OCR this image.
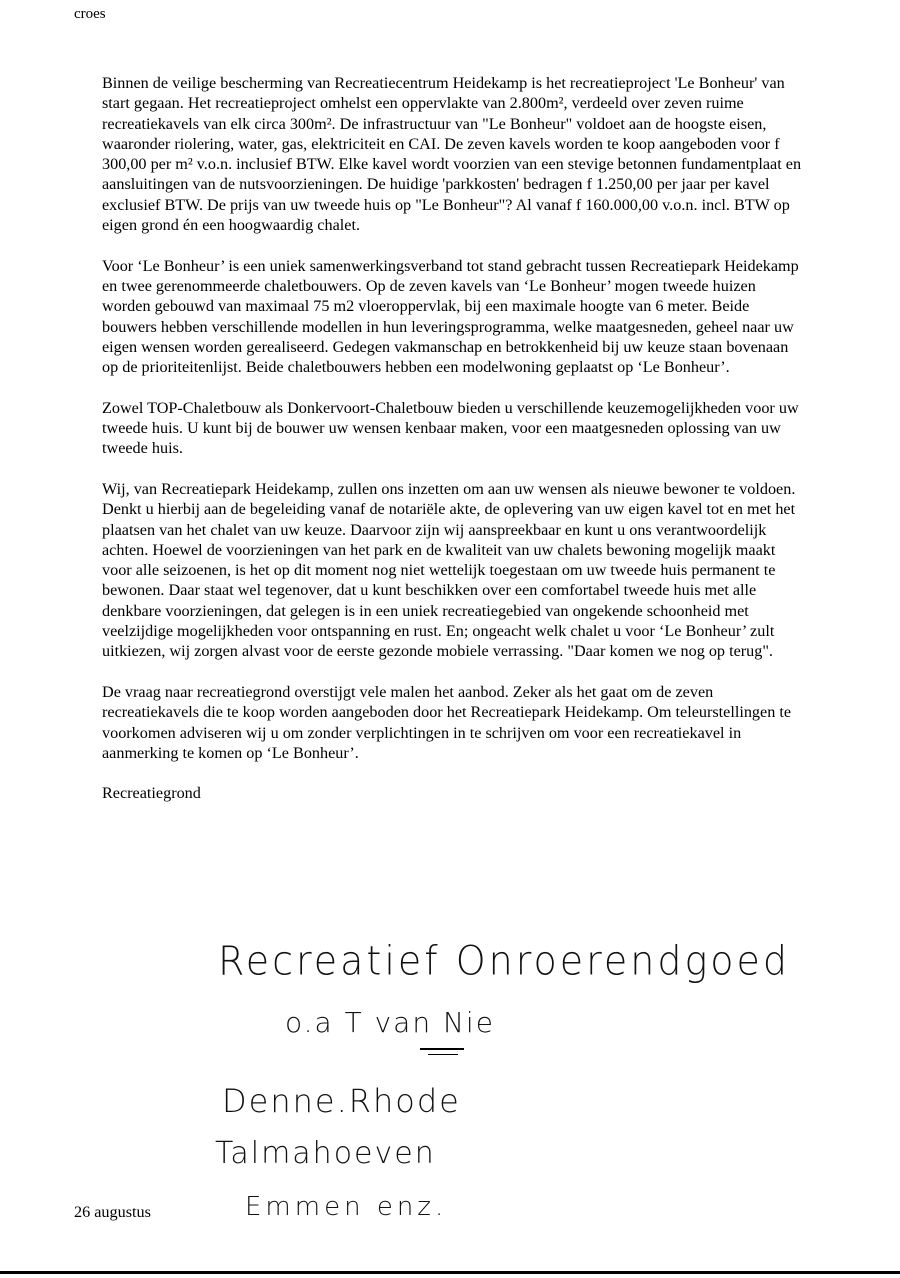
croes

Binnen de veilige bescherming van Recreatiecentrum Heidekamp is het recreatieproject 'Le Bonheur' van start gegaan. Het recreatieproject omhelst een oppervlakte van 2.800m², verdeeld over zeven ruime recreatiekavels van elk circa 300m². De infrastructuur van "Le Bonheur" voldoet aan de hoogste eisen, waaronder riolering, water, gas, elektriciteit en CAI. De zeven kavels worden te koop aangeboden voor f 300,00 per m² v.o.n. inclusief BTW. Elke kavel wordt voorzien van een stevige betonnen fundamentplaat en aansluitingen van de nutsvoorzieningen. De huidige 'parkkosten' bedragen f 1.250,00 per jaar per kavel exclusief BTW. De prijs van uw tweede huis op "Le Bonheur"? Al vanaf f 160.000,00 v.o.n. incl. BTW op eigen grond én een hoogwaardig chalet.

Voor ‘Le Bonheur’ is een uniek samenwerkingsverband tot stand gebracht tussen Recreatiepark Heidekamp en twee gerenommeerde chaletbouwers. Op de zeven kavels van ‘Le Bonheur’ mogen tweede huizen worden gebouwd van maximaal 75 m2 vloeroppervlak, bij een maximale hoogte van 6 meter. Beide bouwers hebben verschillende modellen in hun leveringsprogramma, welke maatgesneden, geheel naar uw eigen wensen worden gerealiseerd. Gedegen vakmanschap en betrokkenheid bij uw keuze staan bovenaan op de prioriteitenlijst. Beide chaletbouwers hebben een modelwoning geplaatst op ‘Le Bonheur’.

Zowel TOP-Chaletbouw als Donkervoort-Chaletbouw bieden u verschillende keuzemogelijkheden voor uw tweede huis. U kunt bij de bouwer uw wensen kenbaar maken, voor een maatgesneden oplossing van uw tweede huis.

Wij, van Recreatiepark Heidekamp, zullen ons inzetten om aan uw wensen als nieuwe bewoner te voldoen. Denkt u hierbij aan de begeleiding vanaf de notariële akte, de oplevering van uw eigen kavel tot en met het plaatsen van het chalet van uw keuze. Daarvoor zijn wij aanspreekbaar en kunt u ons verantwoordelijk achten. Hoewel de voorzieningen van het park en de kwaliteit van uw chalets bewoning mogelijk maakt voor alle seizoenen, is het op dit moment nog niet wettelijk toegestaan om uw tweede huis permanent te bewonen. Daar staat wel tegenover, dat u kunt beschikken over een comfortabel tweede huis met alle denkbare voorzieningen, dat gelegen is in een uniek recreatiegebied van ongekende schoonheid met veelzijdige mogelijkheden voor ontspanning en rust. En; ongeacht welk chalet u voor ‘Le Bonheur’ zult uitkiezen, wij zorgen alvast voor de eerste gezonde mobiele verrassing. "Daar komen we nog op terug".

De vraag naar recreatiegrond overstijgt vele malen het aanbod. Zeker als het gaat om de zeven recreatiekavels die te koop worden aangeboden door het Recreatiepark Heidekamp. Om teleurstellingen te voorkomen adviseren wij u om zonder verplichtingen in te schrijven om voor een recreatiekavel in aanmerking te komen op ‘Le Bonheur’.

Recreatiegrond

Recreatief Onroerendgoed
o.a T van Nie
Denne.Rhode
Talmahoeven
Emmen enz.
26 augustus
